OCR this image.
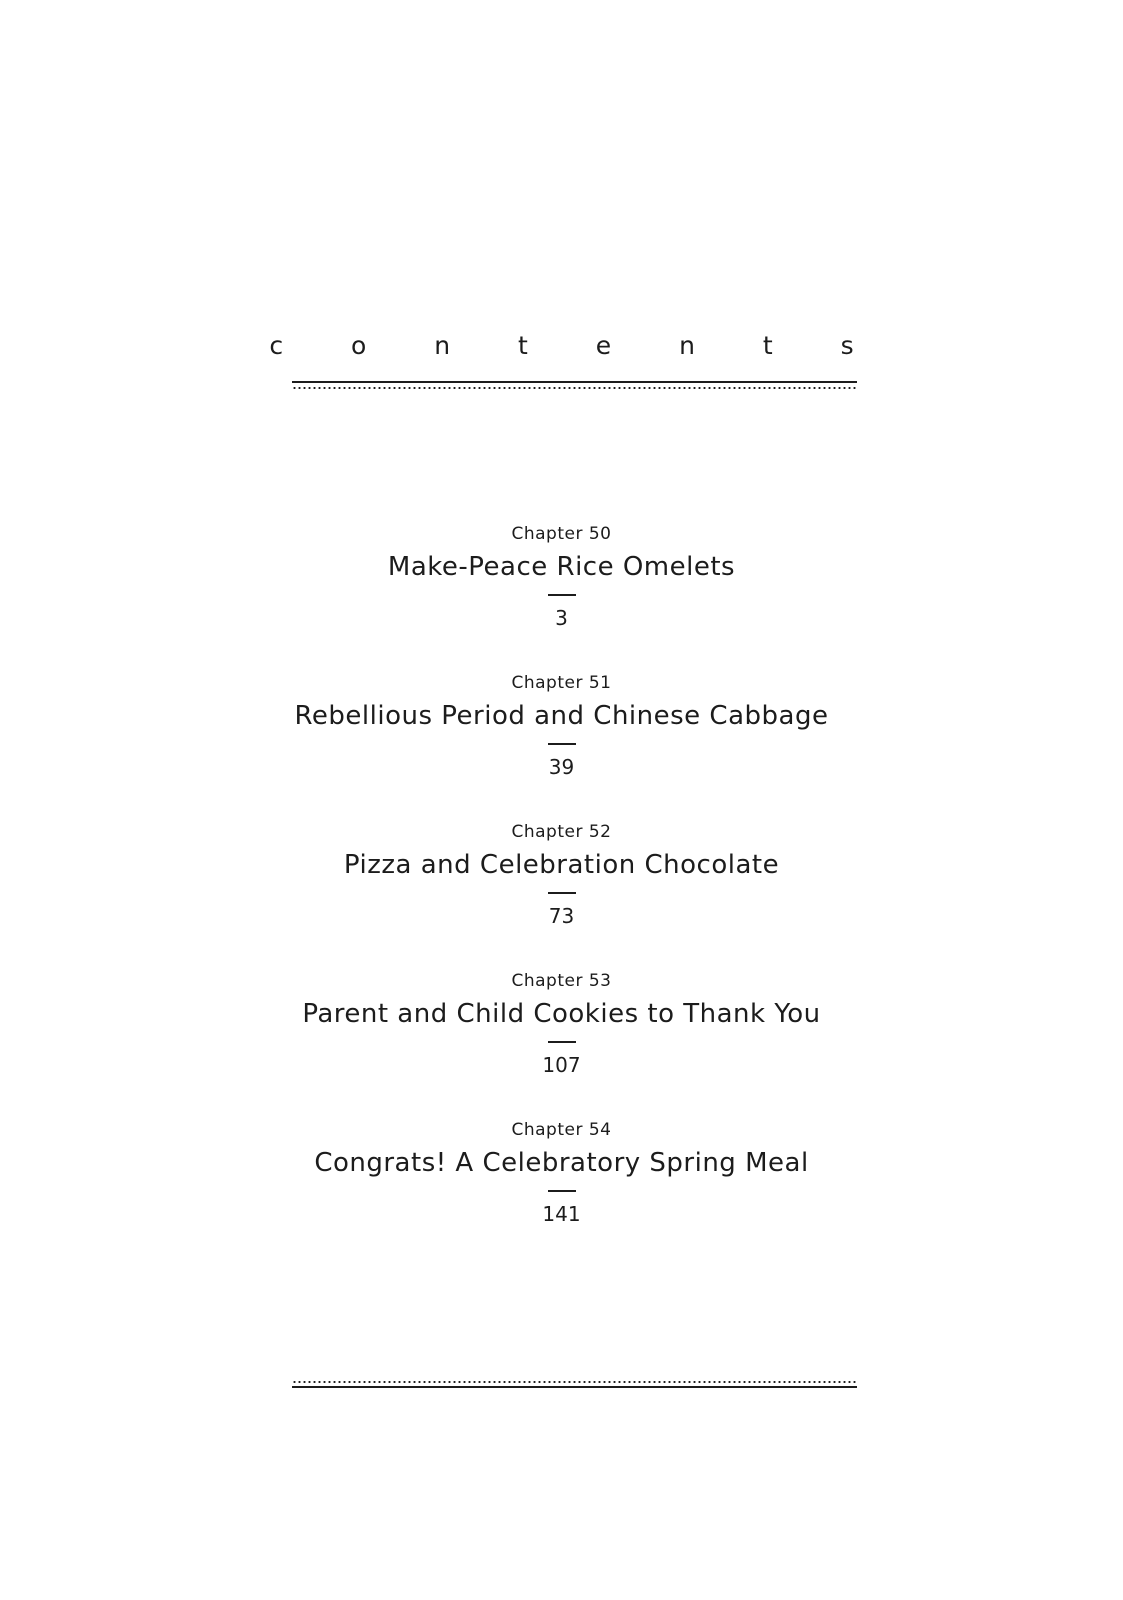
c o n t e n t s
Chapter 50
Make-Peace Rice Omelets
3
Chapter 51
Rebellious Period and Chinese Cabbage
39
Chapter 52
Pizza and Celebration Chocolate
73
Chapter 53
Parent and Child Cookies to Thank You
107
Chapter 54
Congrats! A Celebratory Spring Meal
141
